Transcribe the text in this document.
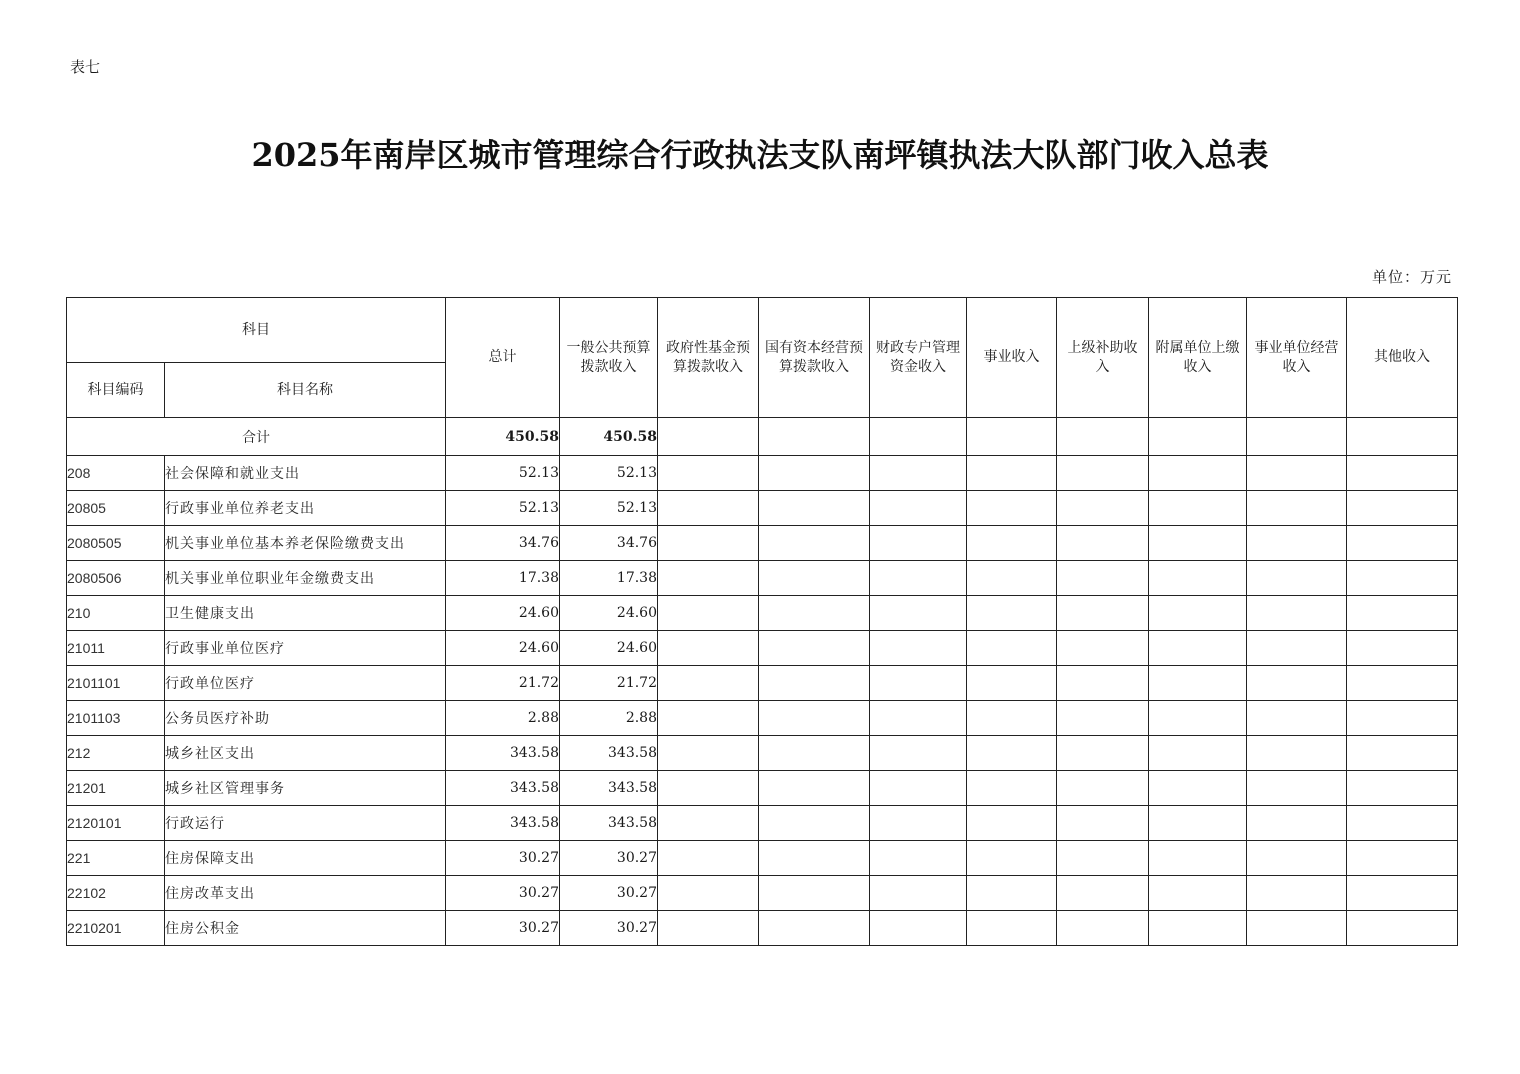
表七
2025年南岸区城市管理综合行政执法支队南坪镇执法大队部门收入总表
单位：万元
科目		总计	一般公共预算拨款收入	政府性基金预算拨款收入	国有资本经营预算拨款收入	财政专户管理资金收入	事业收入	上级补助收入	附属单位上缴收入	事业单位经营收入	其他收入
科目编码	科目名称										
合计		450.58	450.58								
208	社会保障和就业支出	52.13	52.13								
20805	行政事业单位养老支出	52.13	52.13								
2080505	机关事业单位基本养老保险缴费支出	34.76	34.76								
2080506	机关事业单位职业年金缴费支出	17.38	17.38								
210	卫生健康支出	24.60	24.60								
21011	行政事业单位医疗	24.60	24.60								
2101101	行政单位医疗	21.72	21.72								
2101103	公务员医疗补助	2.88	2.88								
212	城乡社区支出	343.58	343.58								
21201	城乡社区管理事务	343.58	343.58								
2120101	行政运行	343.58	343.58								
221	住房保障支出	30.27	30.27								
22102	住房改革支出	30.27	30.27								
2210201	住房公积金	30.27	30.27								
